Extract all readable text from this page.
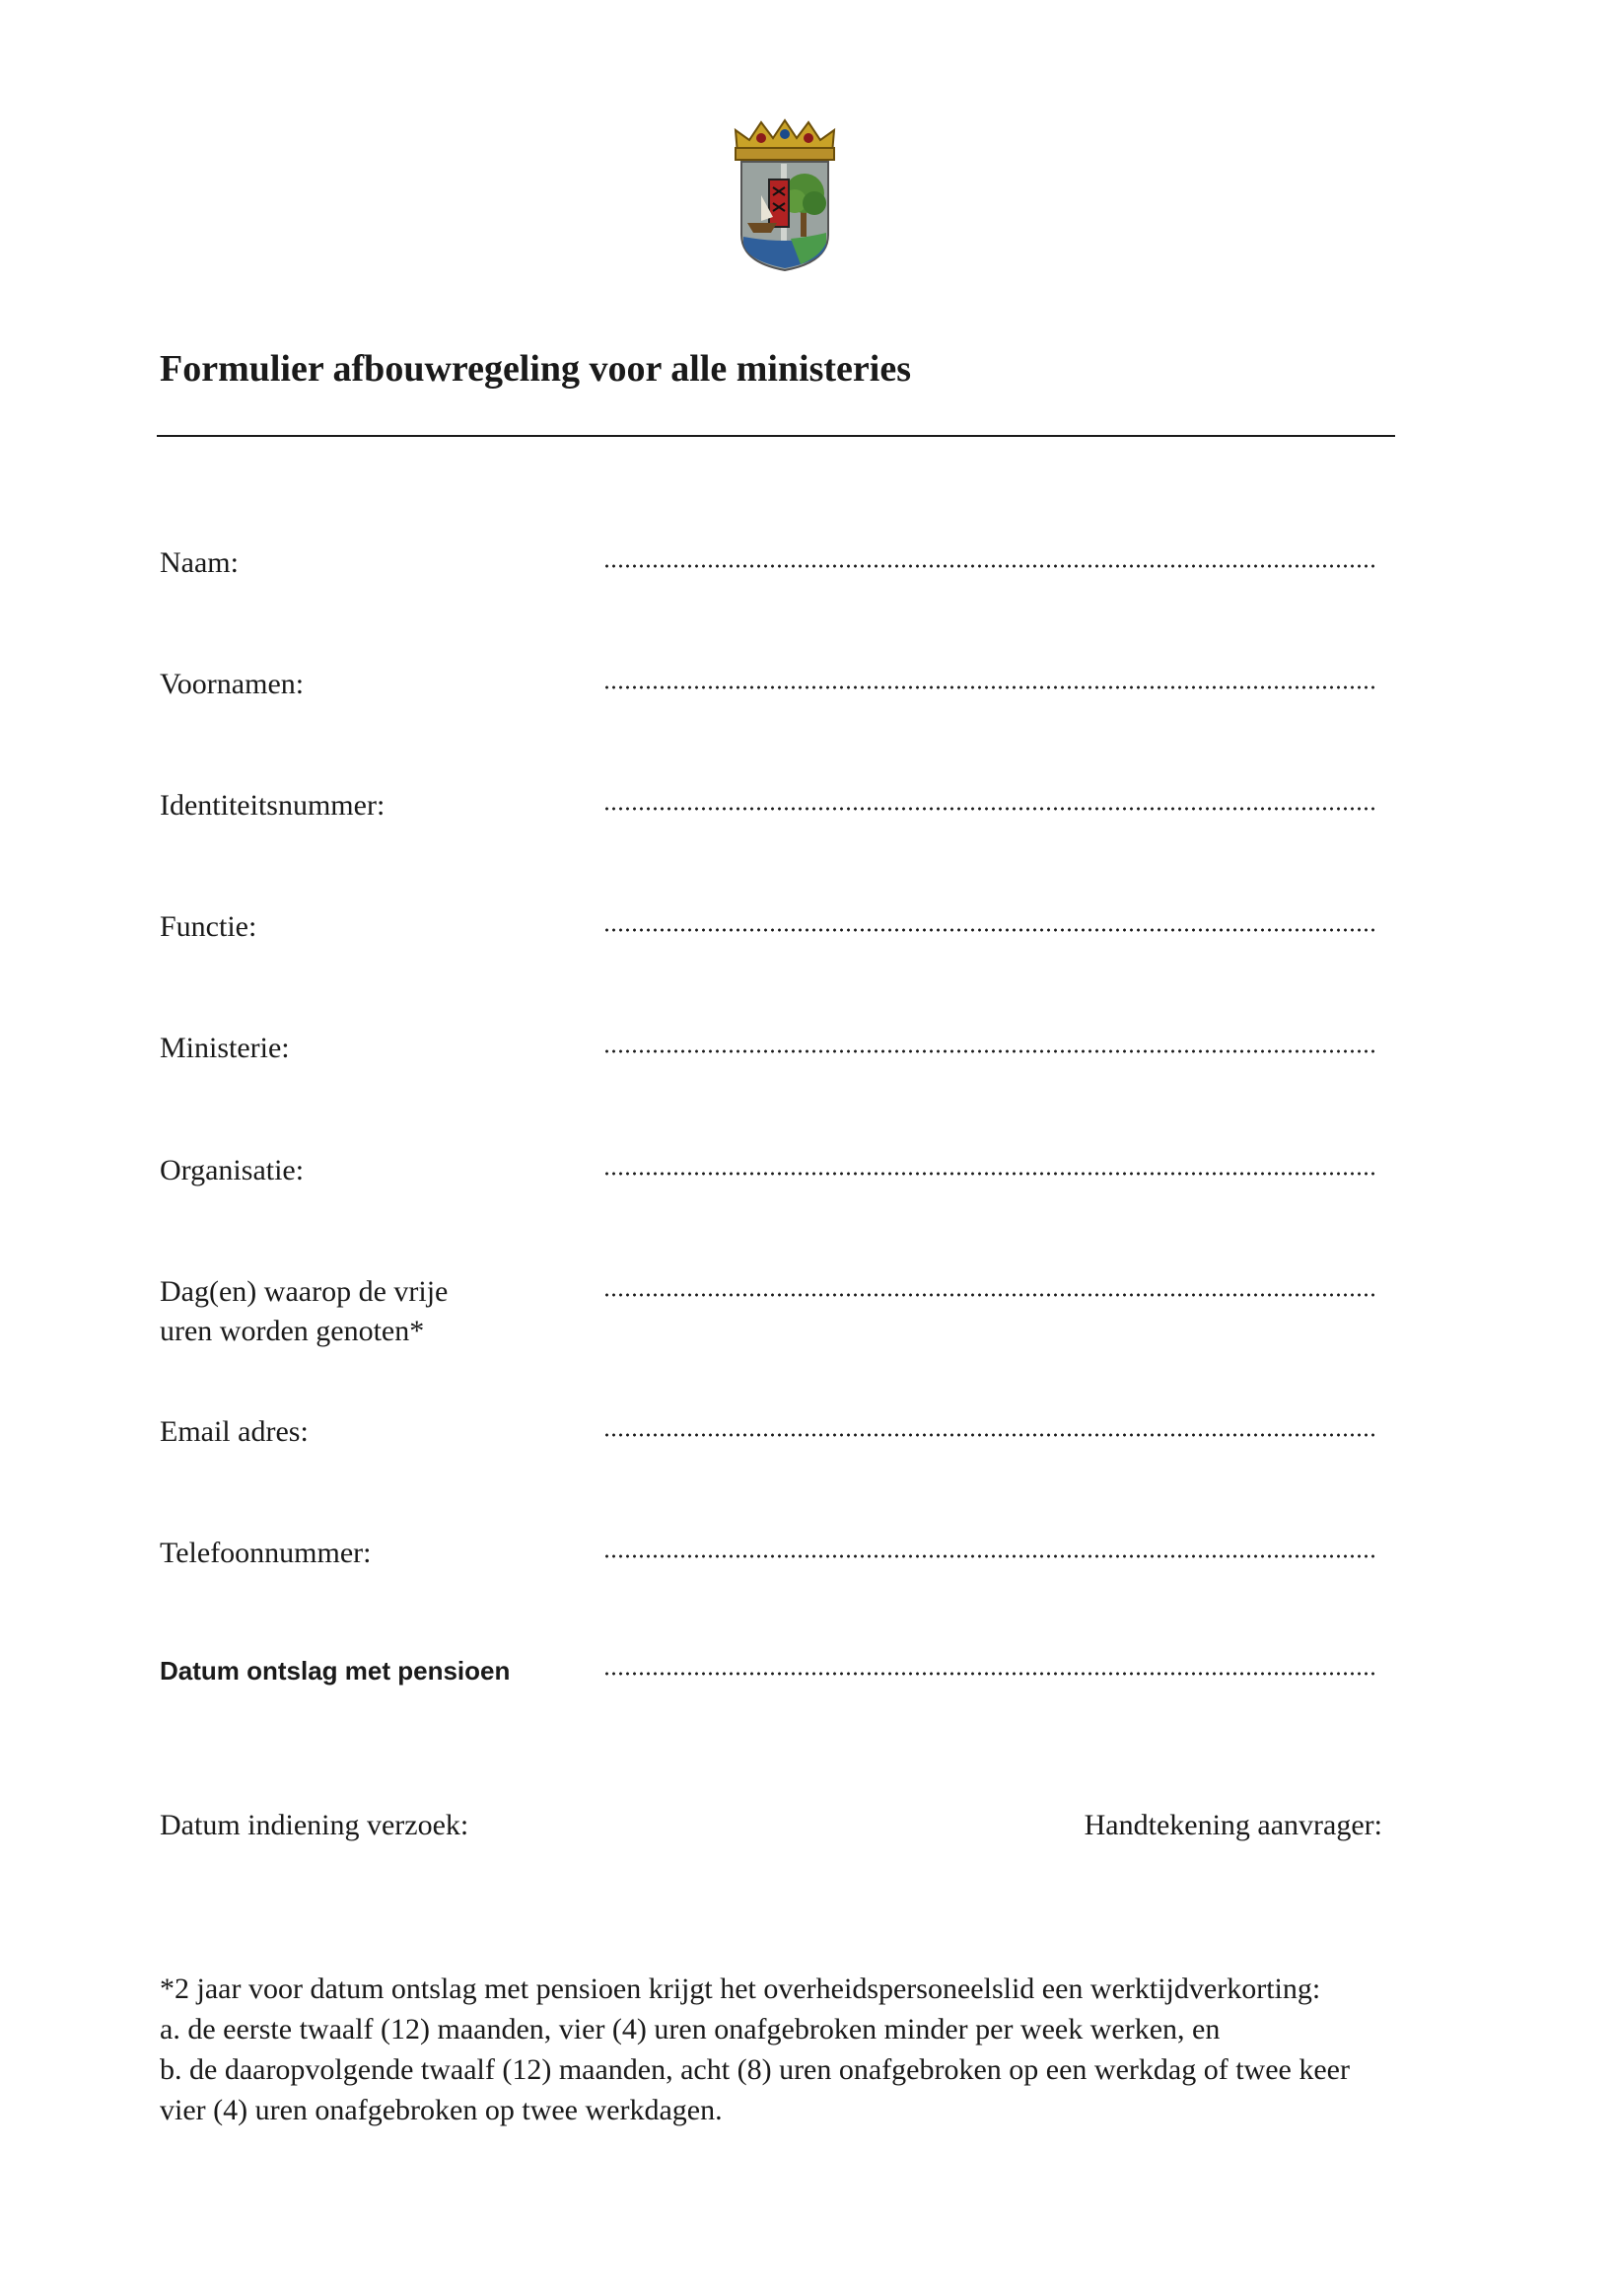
Formulier afbouwregeling voor alle ministeries
Naam:
Voornamen:
Identiteitsnummer:
Functie:
Ministerie:
Organisatie:
Dag(en) waarop de vrije
uren worden genoten*
Email adres:
Telefoonnummer:
Datum ontslag met pensioen
Datum indiening verzoek:	Handtekening aanvrager:

*2 jaar voor datum ontslag met pensioen krijgt het overheidspersoneelslid een werktijdverkorting:

a. de eerste twaalf (12) maanden, vier (4) uren onafgebroken minder per week werken, en

b. de daaropvolgende twaalf (12) maanden, acht (8) uren onafgebroken op een werkdag of twee keer vier (4) uren onafgebroken op twee werkdagen.
